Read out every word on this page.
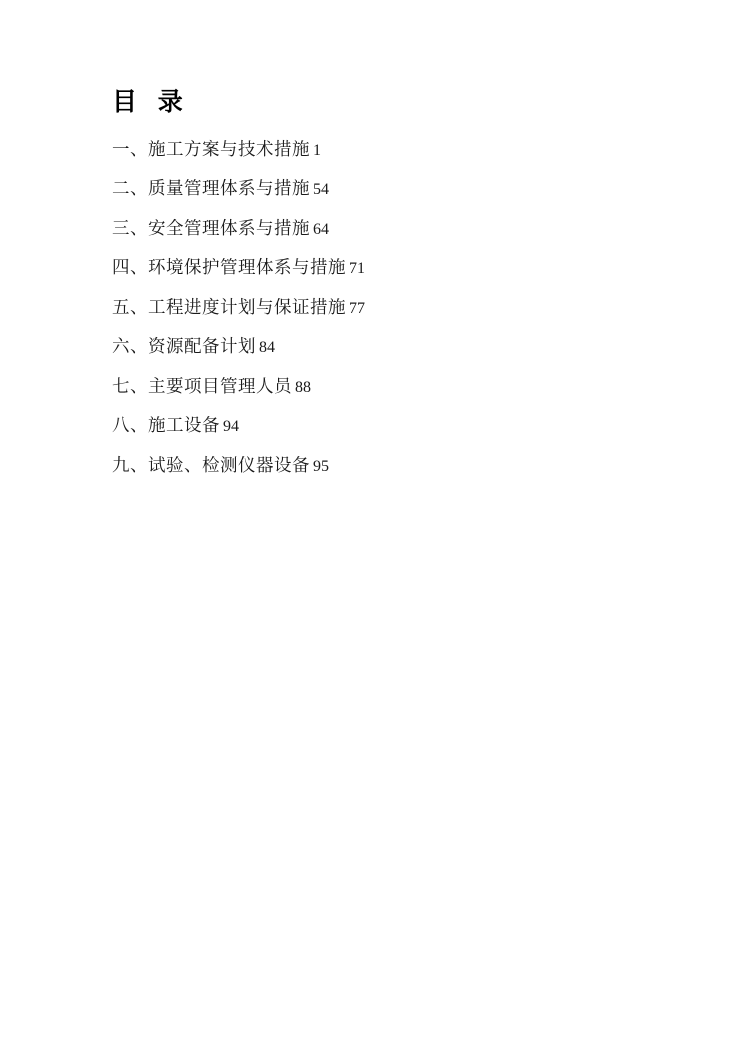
目 录
一、施工方案与技术措施 1
二、质量管理体系与措施 54
三、安全管理体系与措施 64
四、环境保护管理体系与措施 71
五、工程进度计划与保证措施 77
六、资源配备计划 84
七、主要项目管理人员 88
八、施工设备 94
九、试验、检测仪器设备 95
